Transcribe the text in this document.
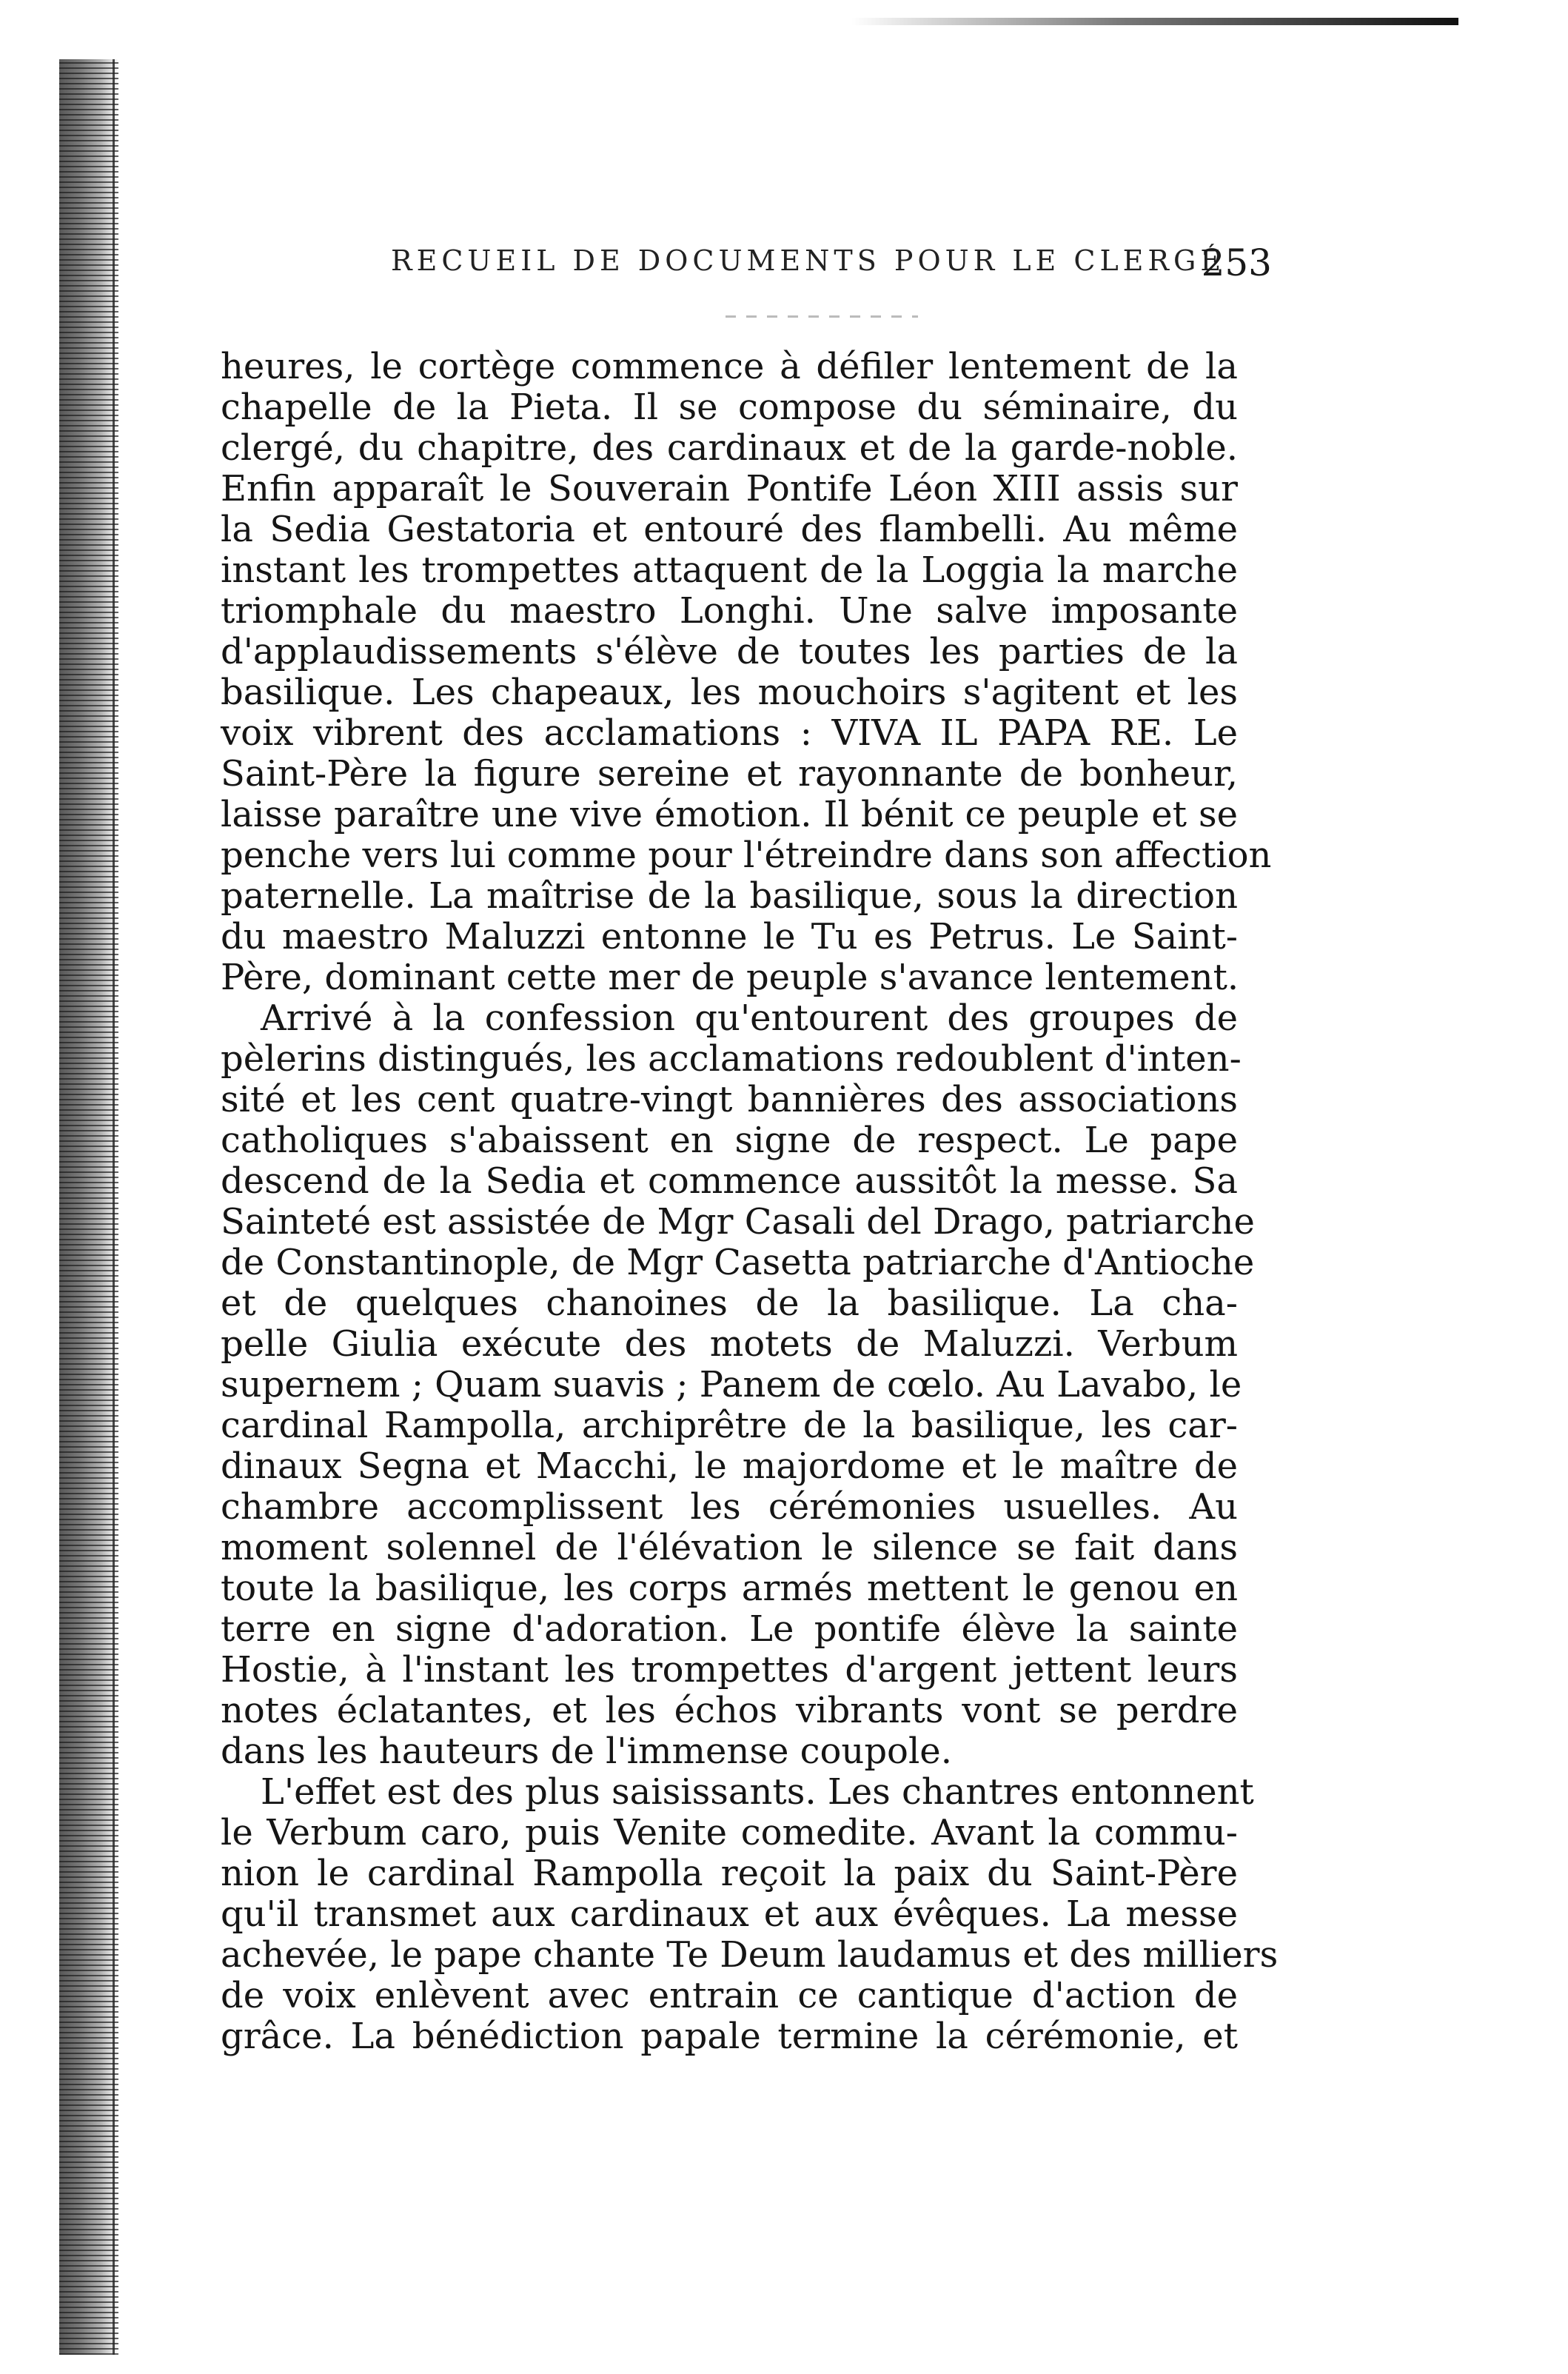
RECUEIL DE DOCUMENTS POUR LE CLERGÉ
253
heures, le cortège commence à défiler lentement de la
chapelle de la Pieta. Il se compose du séminaire, du
clergé, du chapitre, des cardinaux et de la garde-noble.
Enfin apparaît le Souverain Pontife Léon XIII assis sur
la Sedia Gestatoria et entouré des flambelli. Au même
instant les trompettes attaquent de la Loggia la marche
triomphale du maestro Longhi. Une salve imposante
d'applaudissements s'élève de toutes les parties de la
basilique. Les chapeaux, les mouchoirs s'agitent et les
voix vibrent des acclamations : VIVA IL PAPA RE. Le
Saint-Père la figure sereine et rayonnante de bonheur,
laisse paraître une vive émotion. Il bénit ce peuple et se
penche vers lui comme pour l'étreindre dans son affection
paternelle. La maîtrise de la basilique, sous la direction
du maestro Maluzzi entonne le Tu es Petrus. Le Saint-
Père, dominant cette mer de peuple s'avance lentement.
Arrivé à la confession qu'entourent des groupes de
pèlerins distingués, les acclamations redoublent d'inten-
sité et les cent quatre-vingt bannières des associations
catholiques s'abaissent en signe de respect. Le pape
descend de la Sedia et commence aussitôt la messe. Sa
Sainteté est assistée de Mgr Casali del Drago, patriarche
de Constantinople, de Mgr Casetta patriarche d'Antioche
et de quelques chanoines de la basilique. La cha-
pelle Giulia exécute des motets de Maluzzi. Verbum
supernem ; Quam suavis ; Panem de cœlo. Au Lavabo, le
cardinal Rampolla, archiprêtre de la basilique, les car-
dinaux Segna et Macchi, le majordome et le maître de
chambre accomplissent les cérémonies usuelles. Au
moment solennel de l'élévation le silence se fait dans
toute la basilique, les corps armés mettent le genou en
terre en signe d'adoration. Le pontife élève la sainte
Hostie, à l'instant les trompettes d'argent jettent leurs
notes éclatantes, et les échos vibrants vont se perdre
dans les hauteurs de l'immense coupole.
L'effet est des plus saisissants. Les chantres entonnent
le Verbum caro, puis Venite comedite. Avant la commu-
nion le cardinal Rampolla reçoit la paix du Saint-Père
qu'il transmet aux cardinaux et aux évêques. La messe
achevée, le pape chante Te Deum laudamus et des milliers
de voix enlèvent avec entrain ce cantique d'action de
grâce. La bénédiction papale termine la cérémonie, et
